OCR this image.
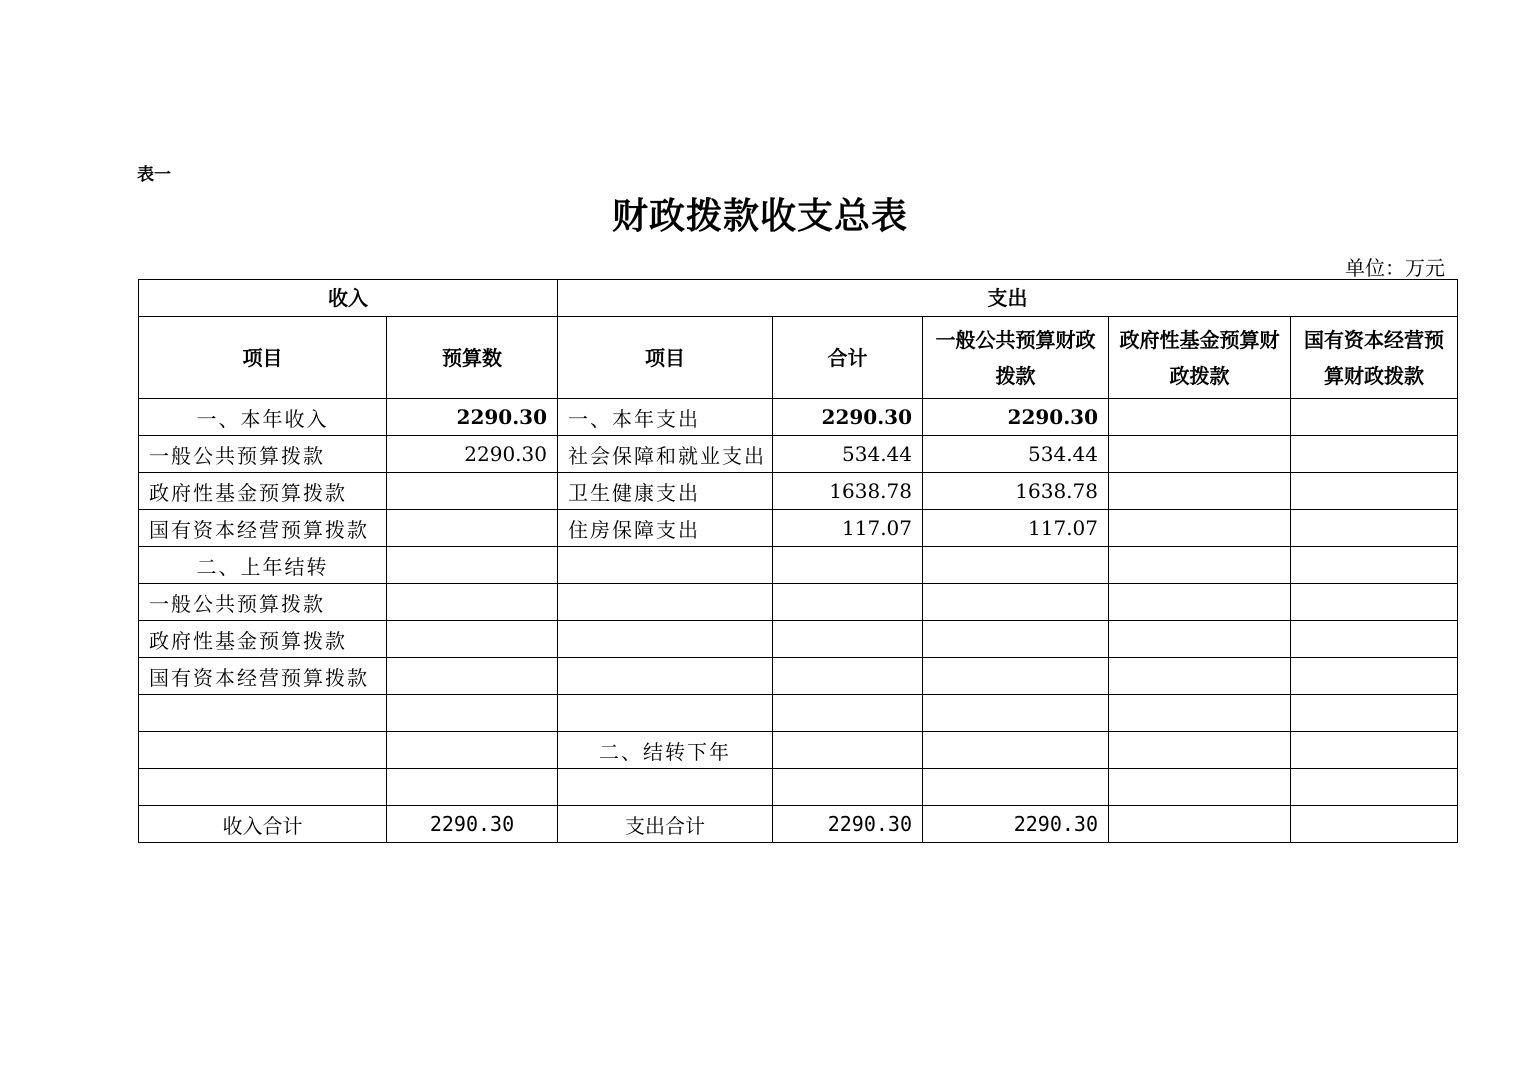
表一
财政拨款收支总表
单位：万元
收入		支出				
项目	预算数	项目	合计	一般公共预算财政拨款	政府性基金预算财政拨款	国有资本经营预算财政拨款
一、本年收入	2290.30	一、本年支出	2290.30	2290.30		
一般公共预算拨款	2290.30	社会保障和就业支出	534.44	534.44		
政府性基金预算拨款		卫生健康支出	1638.78	1638.78		
国有资本经营预算拨款		住房保障支出	117.07	117.07		
二、上年结转						
一般公共预算拨款						
政府性基金预算拨款						
国有资本经营预算拨款						

		二、结转下年				

收入合计	2290.30	支出合计	2290.30	2290.30		
